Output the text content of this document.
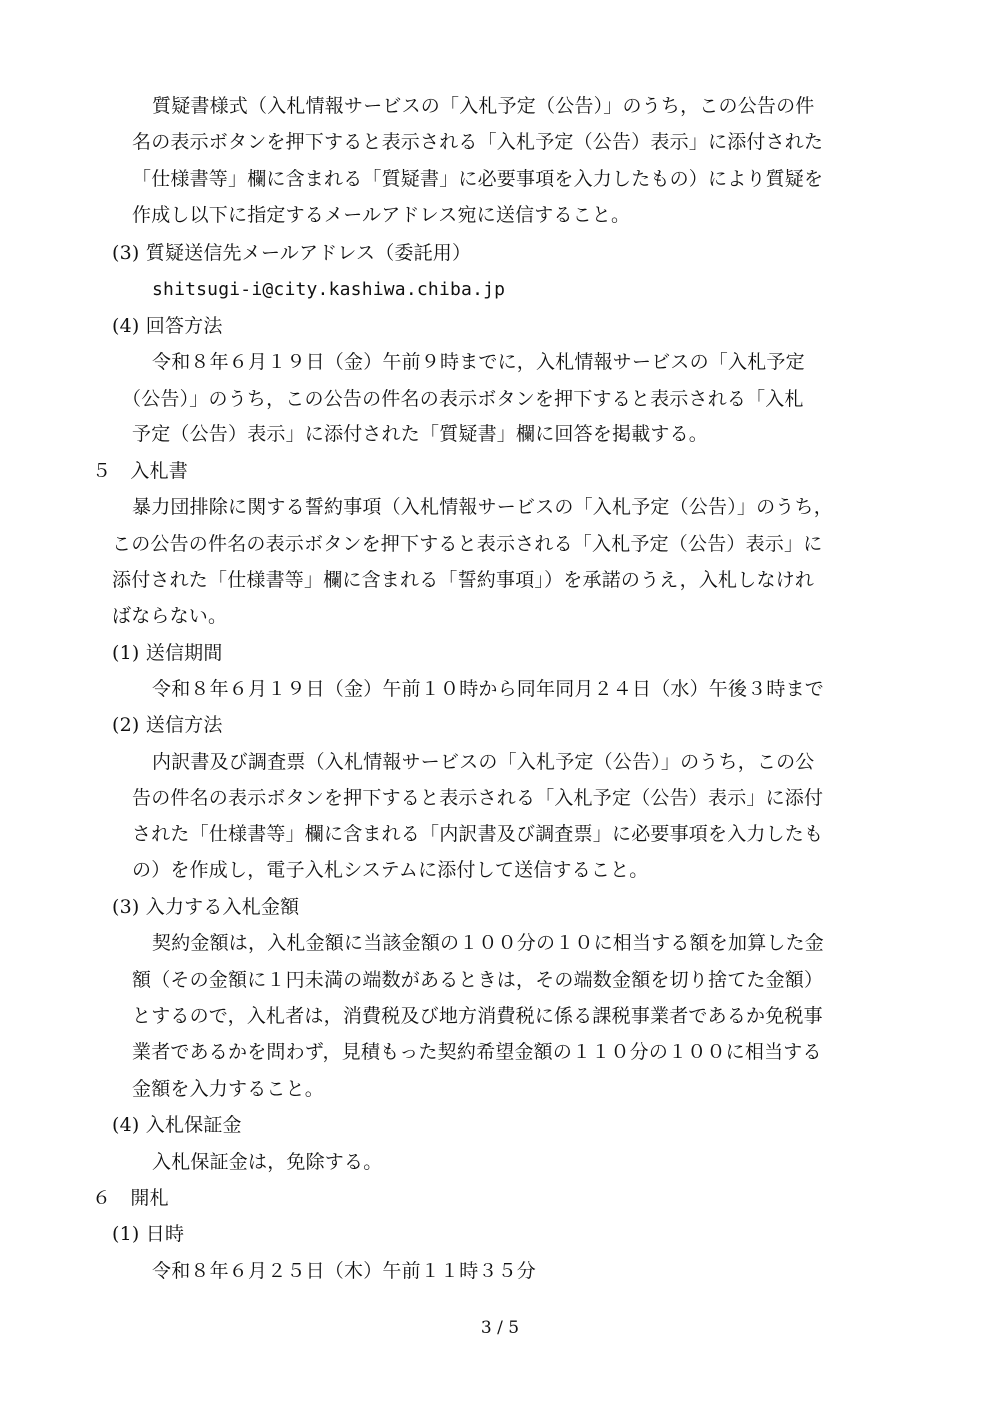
質疑書様式（入札情報サービスの「入札予定（公告）」のうち，この公告の件
名の表示ボタンを押下すると表示される「入札予定（公告）表示」に添付された
「仕様書等」欄に含まれる「質疑書」に必要事項を入力したもの）により質疑を
作成し以下に指定するメールアドレス宛に送信すること。
(3) 質疑送信先メールアドレス（委託用）
shitsugi-i@city.kashiwa.chiba.jp
(4) 回答方法
令和８年６月１９日（金）午前９時までに，入札情報サービスの「入札予定
（公告）」のうち，この公告の件名の表示ボタンを押下すると表示される「入札
予定（公告）表示」に添付された「質疑書」欄に回答を掲載する。
５　入札書
暴力団排除に関する誓約事項（入札情報サービスの「入札予定（公告）」のうち，
この公告の件名の表示ボタンを押下すると表示される「入札予定（公告）表示」に
添付された「仕様書等」欄に含まれる「誓約事項」）を承諾のうえ，入札しなけれ
ばならない。
(1) 送信期間
令和８年６月１９日（金）午前１０時から同年同月２４日（水）午後３時まで
(2) 送信方法
内訳書及び調査票（入札情報サービスの「入札予定（公告）」のうち，この公
告の件名の表示ボタンを押下すると表示される「入札予定（公告）表示」に添付
された「仕様書等」欄に含まれる「内訳書及び調査票」に必要事項を入力したも
の）を作成し，電子入札システムに添付して送信すること。
(3) 入力する入札金額
契約金額は，入札金額に当該金額の１００分の１０に相当する額を加算した金
額（その金額に１円未満の端数があるときは，その端数金額を切り捨てた金額）
とするので，入札者は，消費税及び地方消費税に係る課税事業者であるか免税事
業者であるかを問わず，見積もった契約希望金額の１１０分の１００に相当する
金額を入力すること。
(4) 入札保証金
入札保証金は，免除する。
６　開札
(1) 日時
令和８年６月２５日（木）午前１１時３５分
3 / 5
